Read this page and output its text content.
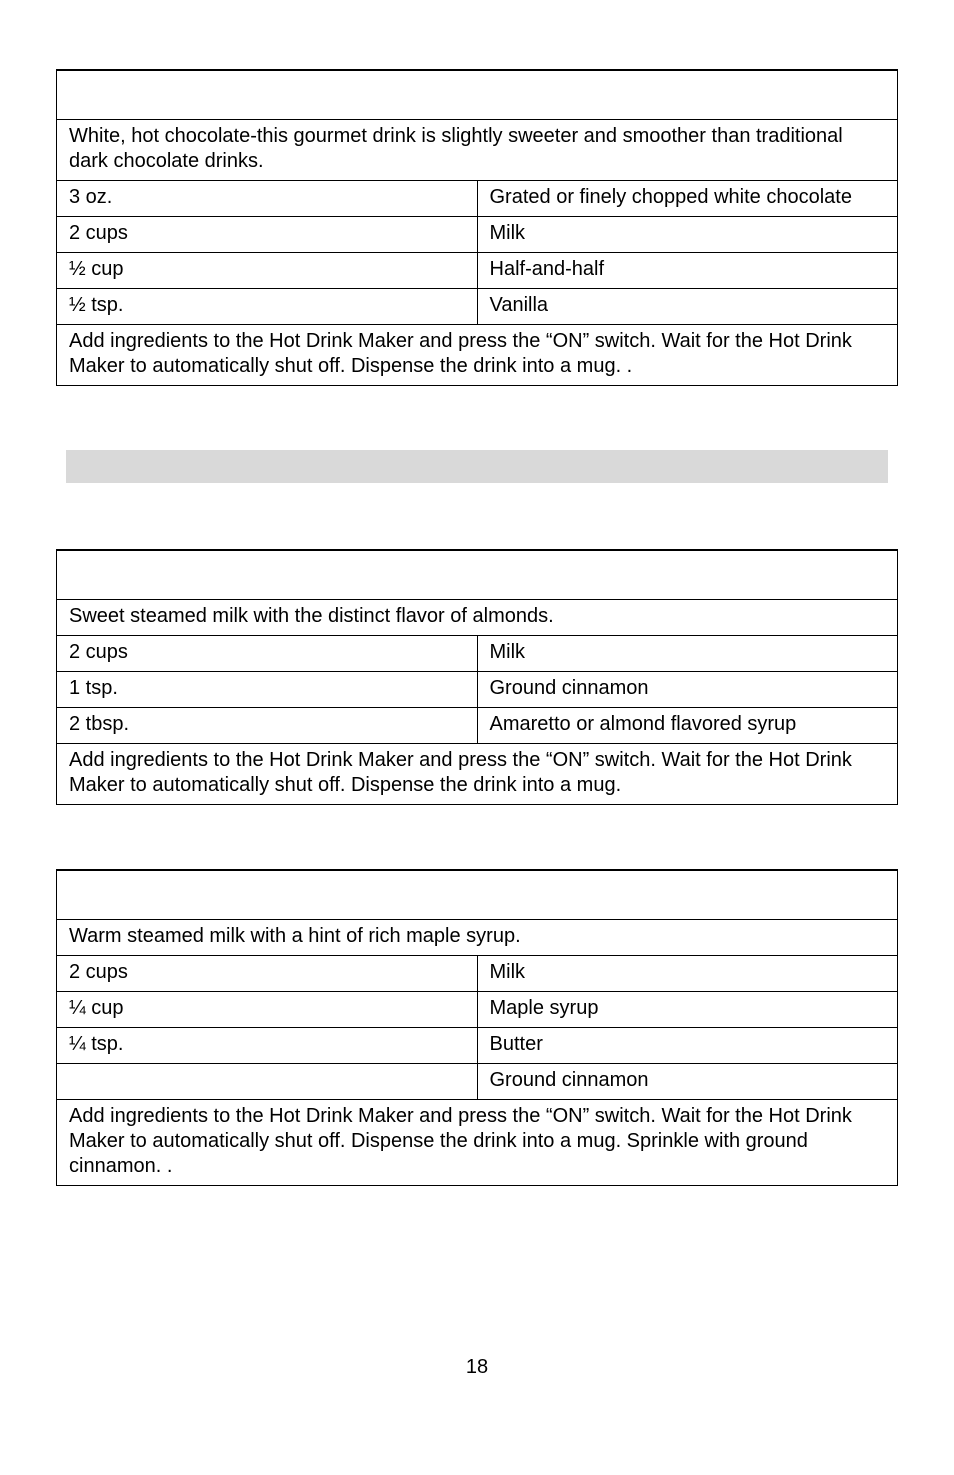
White, hot chocolate-this gourmet drink is slightly sweeter and smoother than traditional dark chocolate drinks.	
3 oz.	Grated or finely chopped white chocolate
2 cups	Milk
½ cup	Half-and-half
½ tsp.	Vanilla
Add ingredients to the Hot Drink Maker and press the “ON” switch. Wait for the Hot Drink Maker to automatically shut off. Dispense the drink into a mug. .	

Sweet steamed milk with the distinct flavor of almonds.	
2 cups	Milk
1 tsp.	Ground cinnamon
2 tbsp.	Amaretto or almond flavored syrup
Add ingredients to the Hot Drink Maker and press the “ON” switch. Wait for the Hot Drink Maker to automatically shut off. Dispense the drink into a mug.	

Warm steamed milk with a hint of rich maple syrup.	
2 cups	Milk
¼ cup	Maple syrup
¼ tsp.	Butter
	Ground cinnamon
Add ingredients to the Hot Drink Maker and press the “ON” switch. Wait for the Hot Drink Maker to automatically shut off. Dispense the drink into a mug. Sprinkle with ground cinnamon. .	
18
